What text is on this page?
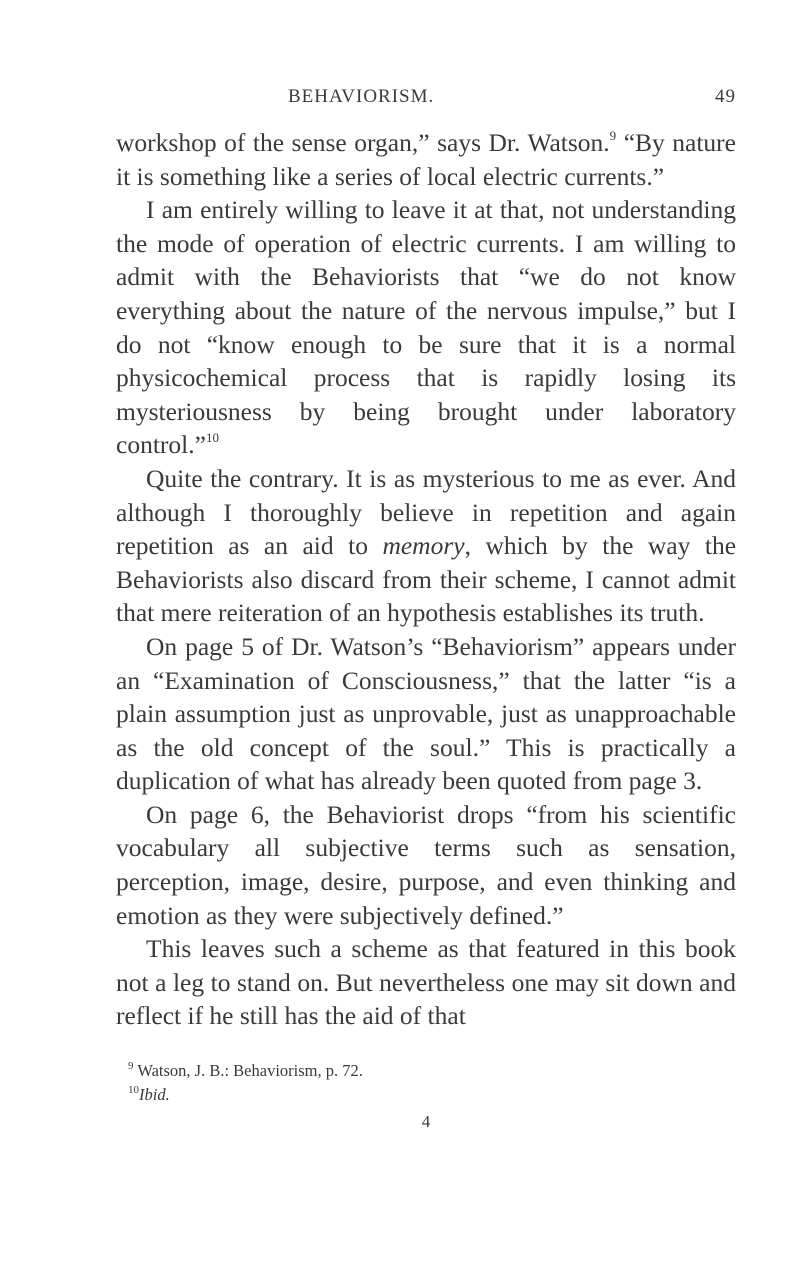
BEHAVIORISM.	49

workshop of the sense organ,” says Dr. Watson.$^9$ “By nature it is something like a series of local electric currents.”

I am entirely willing to leave it at that, not understanding the mode of operation of electric currents. I am willing to admit with the Behaviorists that “we do not know everything about the nature of the nervous impulse,” but I do not “know enough to be sure that it is a normal physicochemical process that is rapidly losing its mysteriousness by being brought under laboratory control.”$^{10}$

Quite the contrary. It is as mysterious to me as ever. And although I thoroughly believe in repetition and again repetition as an aid to memory, which by the way the Behaviorists also discard from their scheme, I cannot admit that mere reiteration of an hypothesis establishes its truth.

On page 5 of Dr. Watson’s “Behaviorism” appears under an “Examination of Consciousness,” that the latter “is a plain assumption just as unprovable, just as unapproachable as the old concept of the soul.” This is practically a duplication of what has already been quoted from page 3.

On page 6, the Behaviorist drops “from his scientific vocabulary all subjective terms such as sensation, perception, image, desire, purpose, and even thinking and emotion as they were subjectively defined.”

This leaves such a scheme as that featured in this book not a leg to stand on. But nevertheless one may sit down and reflect if he still has the aid of that

$^9$ Watson, J. B.: Behaviorism, p. 72.
$^{10}$Ibid.
4
